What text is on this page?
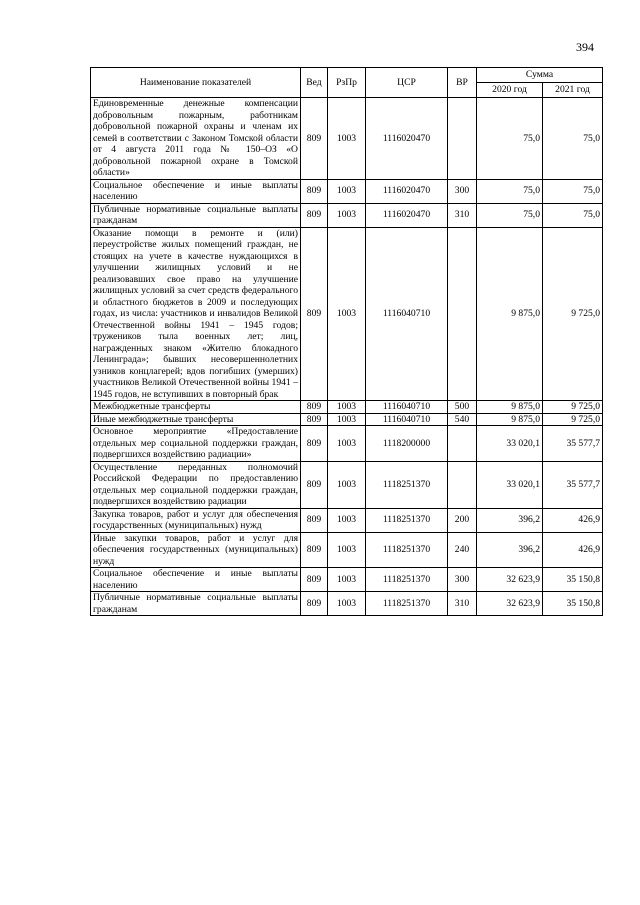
394
Наименование показателей	Вед	РзПр	ЦСР	ВР	Сумма	
					2020 год	2021 год
Единовременные денежные компенсации добровольным пожарным, работникам добровольной пожарной охраны и членам их семей в соответствии с Законом Томской области от 4 августа 2011 года № 150–ОЗ «О добровольной пожарной охране в Томской области»	809	1003	1116020470		75,0	75,0
Социальное обеспечение и иные выплаты населению	809	1003	1116020470	300	75,0	75,0
Публичные нормативные социальные выплаты гражданам	809	1003	1116020470	310	75,0	75,0
Оказание помощи в ремонте и (или) переустройстве жилых помещений граждан, не стоящих на учете в качестве нуждающихся в улучшении жилищных условий и не реализовавших свое право на улучшение жилищных условий за счет средств федерального и областного бюджетов в 2009 и последующих годах, из числа: участников и инвалидов Великой Отечественной войны 1941 – 1945 годов; тружеников тыла военных лет; лиц, награжденных знаком «Жителю блокадного Ленинграда»; бывших несовершеннолетних узников концлагерей; вдов погибших (умерших) участников Великой Отечественной войны 1941 – 1945 годов, не вступивших в повторный брак	809	1003	1116040710		9 875,0	9 725,0
Межбюджетные трансферты	809	1003	1116040710	500	9 875,0	9 725,0
Иные межбюджетные трансферты	809	1003	1116040710	540	9 875,0	9 725,0
Основное мероприятие «Предоставление отдельных мер социальной поддержки граждан, подвергшихся воздействию радиации»	809	1003	1118200000		33 020,1	35 577,7
Осуществление переданных полномочий Российской Федерации по предоставлению отдельных мер социальной поддержки граждан, подвергшихся воздействию радиации	809	1003	1118251370		33 020,1	35 577,7
Закупка товаров, работ и услуг для обеспечения государственных (муниципальных) нужд	809	1003	1118251370	200	396,2	426,9
Иные закупки товаров, работ и услуг для обеспечения государственных (муниципальных) нужд	809	1003	1118251370	240	396,2	426,9
Социальное обеспечение и иные выплаты населению	809	1003	1118251370	300	32 623,9	35 150,8
Публичные нормативные социальные выплаты гражданам	809	1003	1118251370	310	32 623,9	35 150,8
